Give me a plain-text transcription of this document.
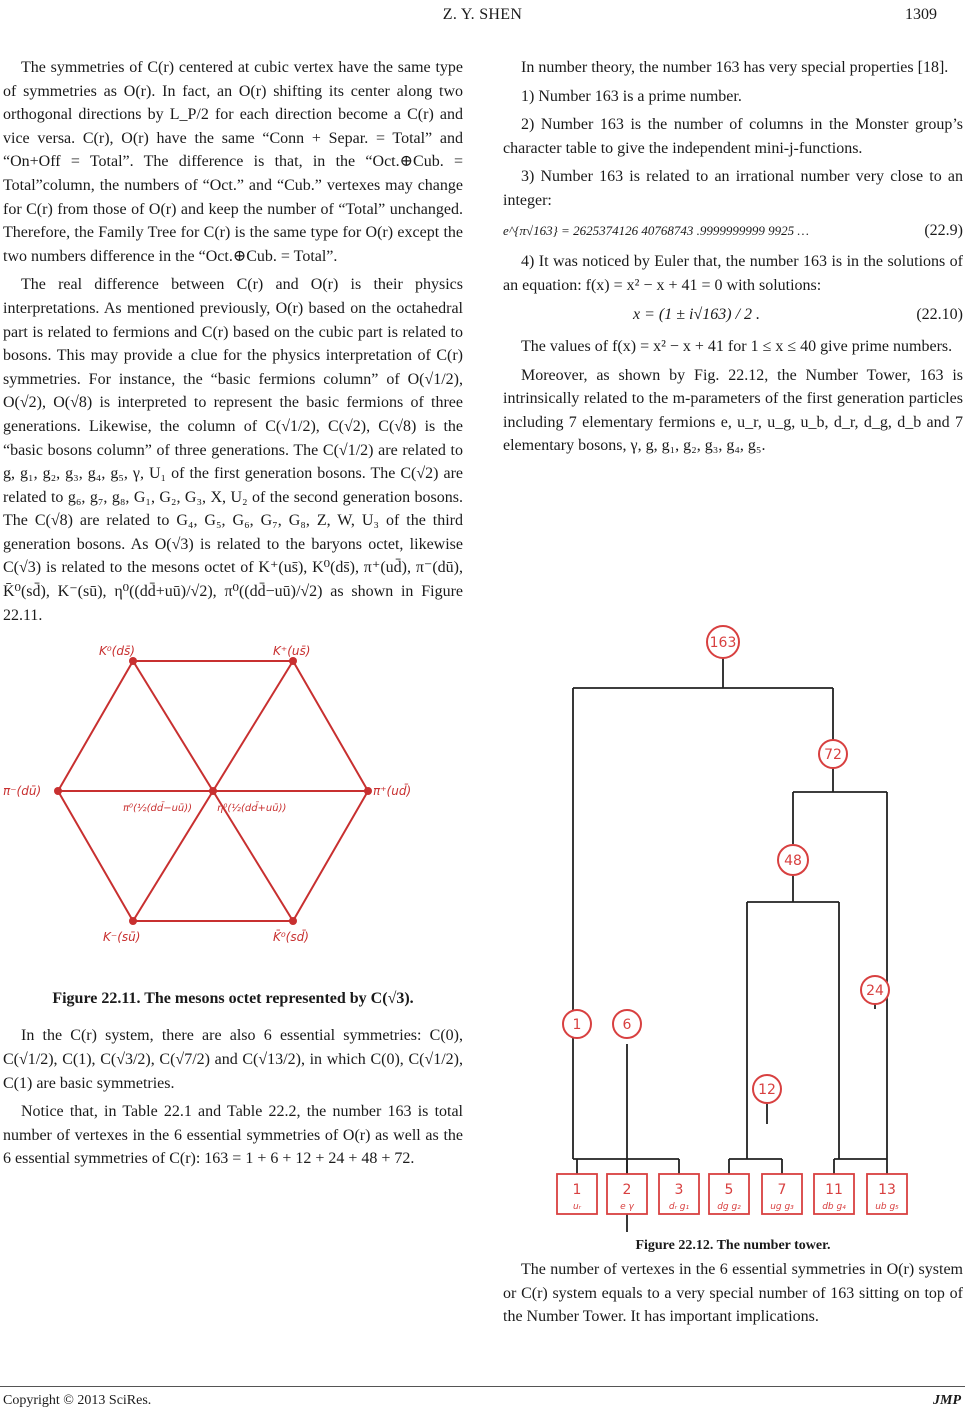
Z. Y. SHEN	1309

The symmetries of C(r) centered at cubic vertex have the same type of symmetries as O(r). In fact, an O(r) shifting its center along two orthogonal directions by L_P/2 for each direction become a C(r) and vice versa. C(r), O(r) have the same “Conn + Separ. = Total” and “On+Off = Total”. The difference is that, in the “Oct.⊕Cub. = Total”column, the numbers of “Oct.” and “Cub.” vertexes may change for C(r) from those of O(r) and keep the number of “Total” unchanged. Therefore, the Family Tree for C(r) is the same type for O(r) except the two numbers difference in the “Oct.⊕Cub. = Total”.

The real difference between C(r) and O(r) is their physics interpretations. As mentioned previously, O(r) based on the octahedral part is related to fermions and C(r) based on the cubic part is related to bosons. This may provide a clue for the physics interpretation of C(r) symmetries. For instance, the “basic fermions column” of O(√1/2), O(√2), O(√8) is interpreted to represent the basic fermions of three generations. Likewise, the column of C(√1/2), C(√2), C(√8) is the “basic bosons column” of three generations. The C(√1/2) are related to g, g₁, g₂, g₃, g₄, g₅, γ, U₁ of the first generation bosons. The C(√2) are related to g₆, g₇, g₈, G₁, G₂, G₃, X, U₂ of the second generation bosons. The C(√8) are related to G₄, G₅, G₆, G₇, G₈, Z, W, U₃ of the third generation bosons. As O(√3) is related to the baryons octet, likewise C(√3) is related to the mesons octet of K⁺(us̄), K⁰(ds̄), π⁺(ud̄), π⁻(dū), K̄⁰(sd̄), K⁻(sū), η⁰((dd̄+uū)/√2), π⁰((dd̄−uū)/√2) as shown in Figure 22.11.

K⁰(ds̄)	K⁺(us̄)
π⁻(dū)
π⁰(½(dd̄−uū)) η⁰(½(dd̄+uū))
π⁺(ud̄)
K⁻(sū)	K̄⁰(sd̄)
Figure 22.11. The mesons octet represented by C(√3).

In the C(r) system, there are also 6 essential symmetries: C(0), C(√1/2), C(1), C(√3/2), C(√7/2) and C(√13/2), in which C(0), C(√1/2), C(1) are basic symmetries.

Notice that, in Table 22.1 and Table 22.2, the number 163 is total number of vertexes in the 6 essential symmetries of O(r) as well as the 6 essential symmetries of C(r): 163 = 1 + 6 + 12 + 24 + 48 + 72.

In number theory, the number 163 has very special properties [18].

1) Number 163 is a prime number.

2) Number 163 is the number of columns in the Monster group’s character table to give the independent mini-j-functions.

3) Number 163 is related to an irrational number very close to an integer:

e^{π√163} = 2625374126 40768743 .9999999999 9925 …	(22.9)

4) It was noticed by Euler that, the number 163 is in the solutions of an equation: f(x) = x² − x + 41 = 0 with solutions:

x = (1 ± i√163) / 2 .	(22.10)

The values of f(x) = x² − x + 41 for 1 ≤ x ≤ 40 give prime numbers.

Moreover, as shown by Fig. 22.12, the Number Tower, 163 is intrinsically related to the m-parameters of the first generation particles including 7 elementary fermions e, u_r, u_g, u_b, d_r, d_g, d_b and 7 elementary bosons, γ, g, g₁, g₂, g₃, g₄, g₅.

163
72
48
24
12
1	6
1	2	3	5	7	11	13
uᵣ	e γ	dᵣ g₁	dg g₂	ug g₃	db g₄	ub g₅
Figure 22.12. The number tower.

The number of vertexes in the 6 essential symmetries in O(r) system or C(r) system equals to a very special number of 163 sitting on top of the Number Tower. It has important implications.

Copyright © 2013 SciRes.	JMP
